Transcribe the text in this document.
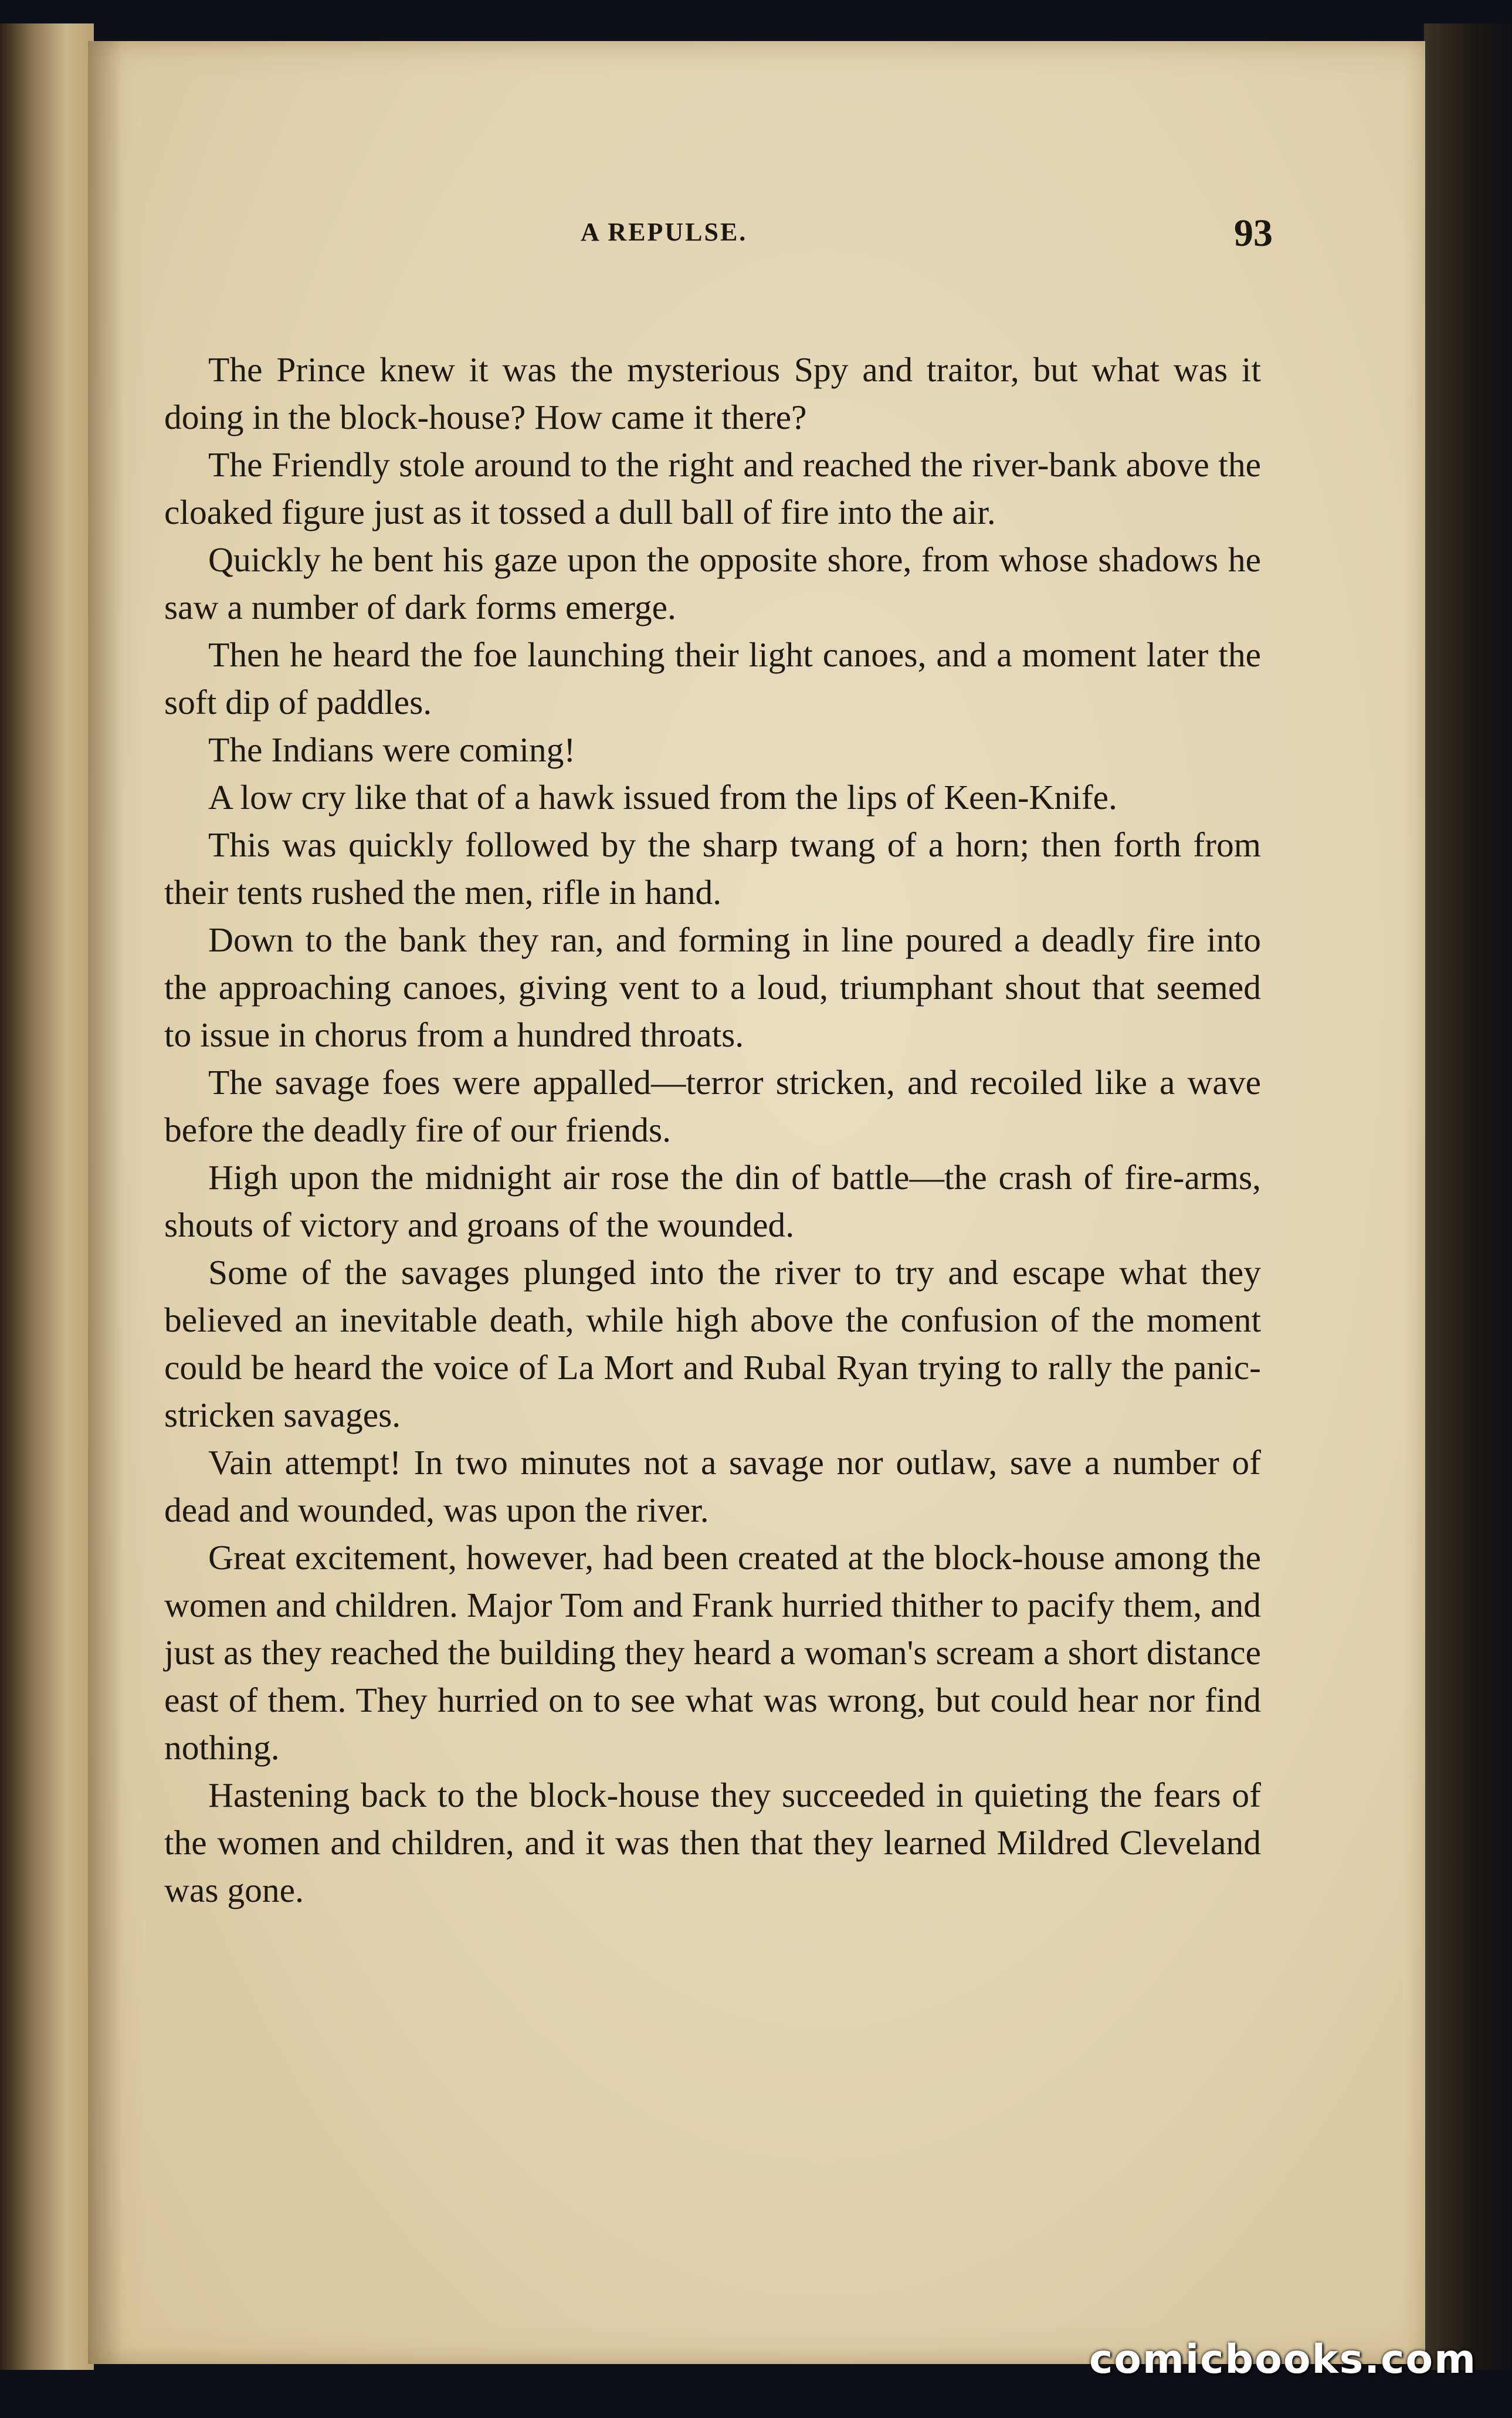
A REPULSE.	93

The Prince knew it was the mysterious Spy and traitor, but what was it doing in the block-house? How came it there?

The Friendly stole around to the right and reached the river-bank above the cloaked figure just as it tossed a dull ball of fire into the air.

Quickly he bent his gaze upon the opposite shore, from whose shadows he saw a number of dark forms emerge.

Then he heard the foe launching their light canoes, and a moment later the soft dip of paddles.

The Indians were coming!

A low cry like that of a hawk issued from the lips of Keen-Knife.

This was quickly followed by the sharp twang of a horn; then forth from their tents rushed the men, rifle in hand.

Down to the bank they ran, and forming in line poured a deadly fire into the approaching canoes, giving vent to a loud, triumphant shout that seemed to issue in chorus from a hundred throats.

The savage foes were appalled—terror stricken, and recoiled like a wave before the deadly fire of our friends.

High upon the midnight air rose the din of battle—the crash of fire-arms, shouts of victory and groans of the wounded.

Some of the savages plunged into the river to try and escape what they believed an inevitable death, while high above the confusion of the moment could be heard the voice of La Mort and Rubal Ryan trying to rally the panic-stricken savages.

Vain attempt! In two minutes not a savage nor outlaw, save a number of dead and wounded, was upon the river.

Great excitement, however, had been created at the block-house among the women and children. Major Tom and Frank hurried thither to pacify them, and just as they reached the building they heard a woman's scream a short distance east of them. They hurried on to see what was wrong, but could hear nor find nothing.

Hastening back to the block-house they succeeded in quieting the fears of the women and children, and it was then that they learned Mildred Cleveland was gone.

comicbooks.com
